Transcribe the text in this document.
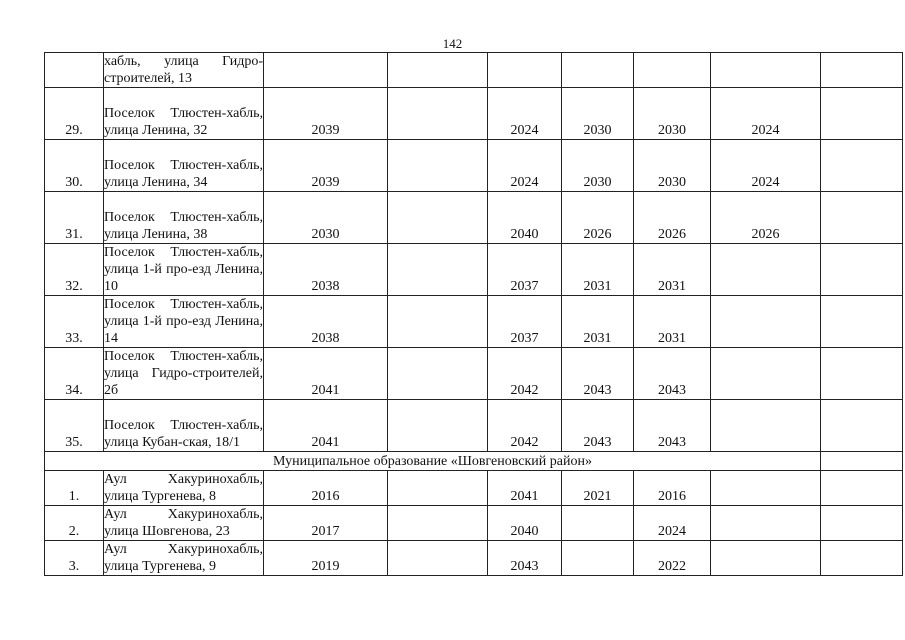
142
	хабль, улица Гидро-строителей, 13							
29.	Поселок Тлюстен-хабль, улица Ленина, 32	2039		2024	2030	2030	2024	
30.	Поселок Тлюстен-хабль, улица Ленина, 34	2039		2024	2030	2030	2024	
31.	Поселок Тлюстен-хабль, улица Ленина, 38	2030		2040	2026	2026	2026	
32.	Поселок Тлюстен-хабль, улица 1-й про-езд Ленина, 10	2038		2037	2031	2031		
33.	Поселок Тлюстен-хабль, улица 1-й про-езд Ленина, 14	2038		2037	2031	2031		
34.	Поселок Тлюстен-хабль, улица Гидро-строителей, 2б	2041		2042	2043	2043		
35.	Поселок Тлюстен-хабль, улица Кубан-ская, 18/1	2041		2042	2043	2043		
Муниципальное образование «Шовгеновский район»								
1.	Аул Хакуринохабль, улица Тургенева, 8	2016		2041	2021	2016		
2.	Аул Хакуринохабль, улица Шовгенова, 23	2017		2040		2024		
3.	Аул Хакуринохабль, улица Тургенева, 9	2019		2043		2022		
